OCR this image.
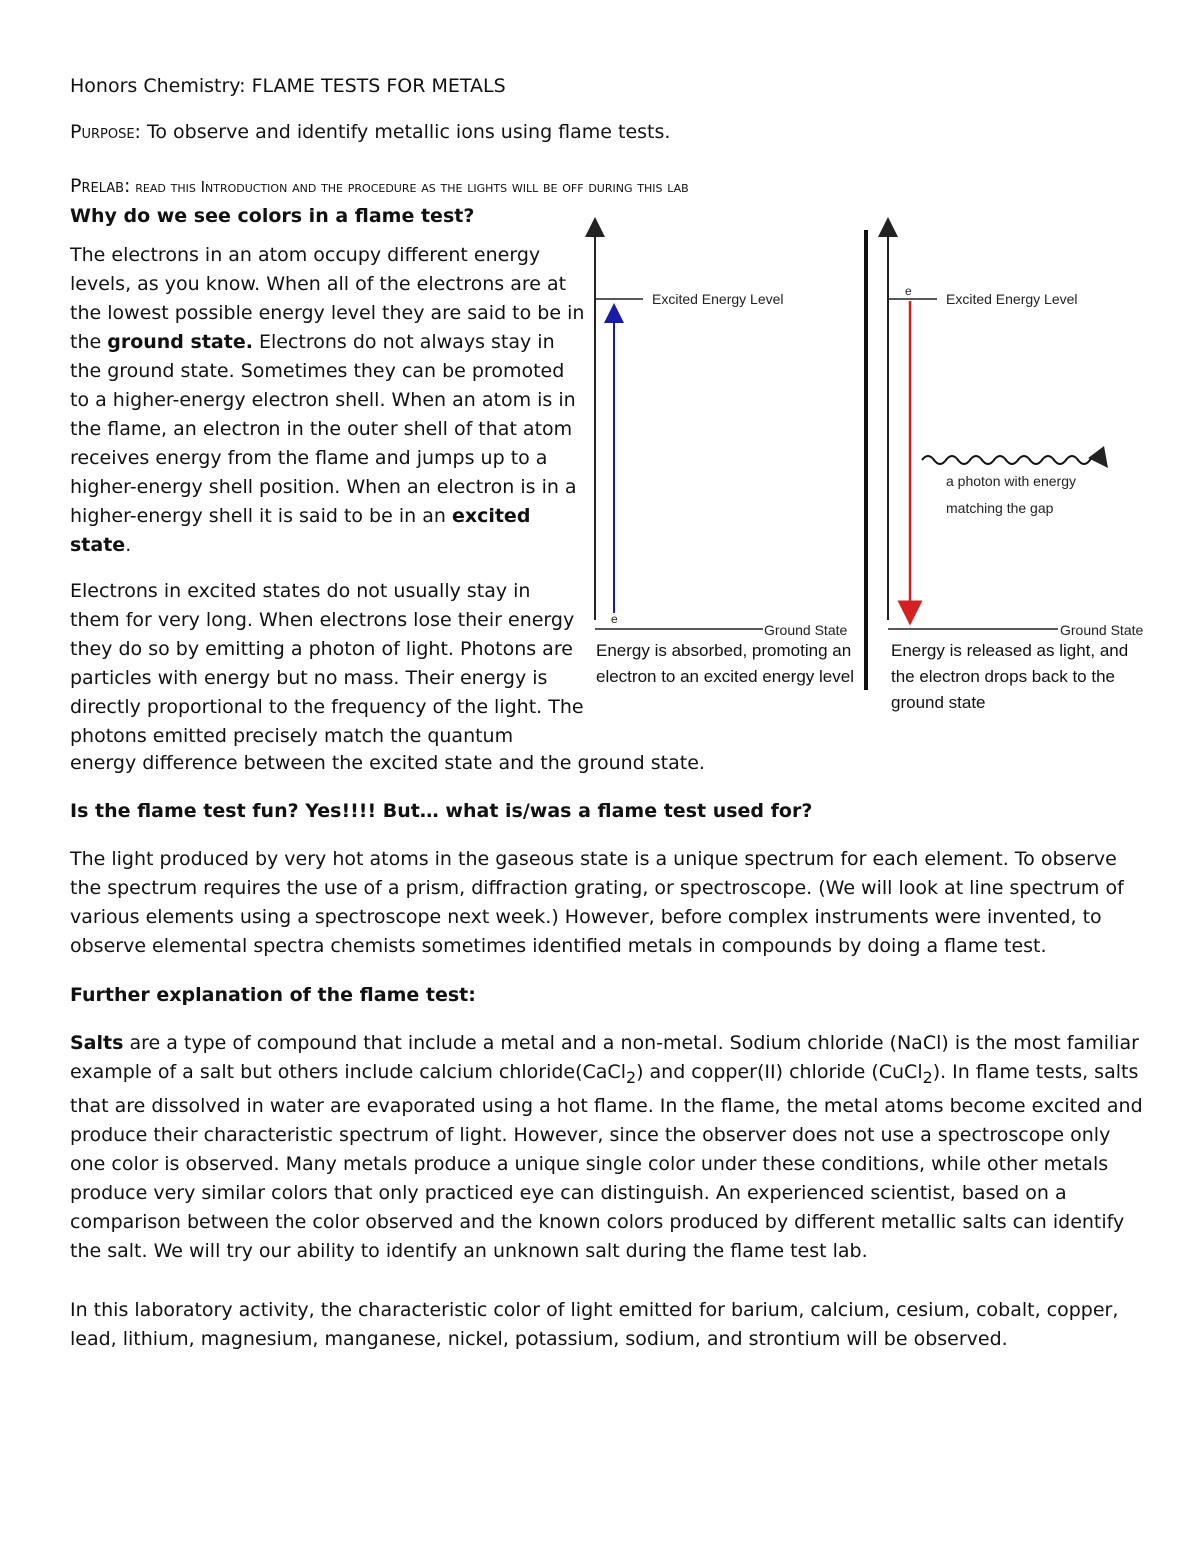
Honors Chemistry: FLAME TESTS FOR METALS
Purpose: To observe and identify metallic ions using flame tests.
Prelab: read this Introduction and the procedure as the lights will be off during this lab
Why do we see colors in a flame test?

The electrons in an atom occupy different energy levels, as you know. When all of the electrons are at the lowest possible energy level they are said to be in the ground state. Electrons do not always stay in the ground state. Sometimes they can be promoted to a higher-energy electron shell. When an atom is in the flame, an electron in the outer shell of that atom receives energy from the flame and jumps up to a higher-energy shell position. When an electron is in a higher-energy shell it is said to be in an excited state.

Electrons in excited states do not usually stay in them for very long. When electrons lose their energy they do so by emitting a photon of light. Photons are particles with energy but no mass. Their energy is directly proportional to the frequency of the light. The photons emitted precisely match the quantum

energy difference between the excited state and the ground state.
Excited Energy Level
Ground State
e
Excited Energy Level
e
Ground State
a photon with energy
matching the gap
Energy is absorbed, promoting an electron to an excited energy level
Energy is released as light, and the electron drops back to the ground state
Is the flame test fun? Yes!!!! But… what is/was a flame test used for?
The light produced by very hot atoms in the gaseous state is a unique spectrum for each element. To observe the spectrum requires the use of a prism, diffraction grating, or spectroscope. (We will look at line spectrum of various elements using a spectroscope next week.) However, before complex instruments were invented, to observe elemental spectra chemists sometimes identified metals in compounds by doing a flame test.
Further explanation of the flame test:
Salts are a type of compound that include a metal and a non-metal. Sodium chloride (NaCl) is the most familiar example of a salt but others include calcium chloride(CaCl$_2$) and copper(II) chloride (CuCl$_2$). In flame tests, salts that are dissolved in water are evaporated using a hot flame. In the flame, the metal atoms become excited and produce their characteristic spectrum of light. However, since the observer does not use a spectroscope only one color is observed. Many metals produce a unique single color under these conditions, while other metals produce very similar colors that only practiced eye can distinguish. An experienced scientist, based on a comparison between the color observed and the known colors produced by different metallic salts can identify the salt. We will try our ability to identify an unknown salt during the flame test lab.
In this laboratory activity, the characteristic color of light emitted for barium, calcium, cesium, cobalt, copper, lead, lithium, magnesium, manganese, nickel, potassium, sodium, and strontium will be observed.
